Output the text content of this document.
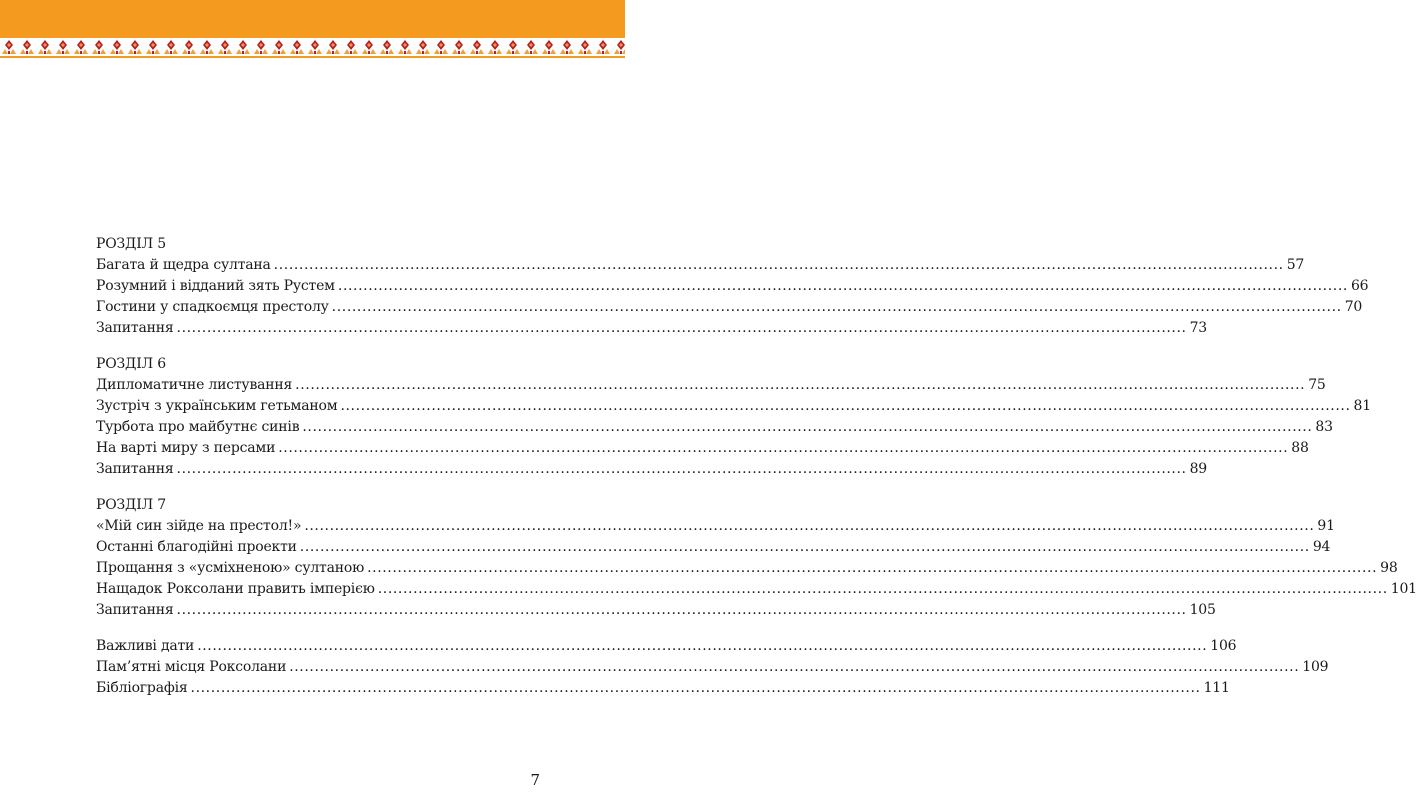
РОЗДІЛ 5
Багата й щедра султана ........................................................................................................................................................................................................ 57
Розумний і відданий зять Рустем ........................................................................................................................................................................................................ 66
Гостини у спадкоємця престолу ........................................................................................................................................................................................................ 70
Запитання ........................................................................................................................................................................................................ 73
РОЗДІЛ 6
Дипломатичне листування ........................................................................................................................................................................................................ 75
Зустріч з українським гетьманом ........................................................................................................................................................................................................ 81
Турбота про майбутнє синів ........................................................................................................................................................................................................ 83
На варті миру з персами ........................................................................................................................................................................................................ 88
Запитання ........................................................................................................................................................................................................ 89
РОЗДІЛ 7
«Мій син зійде на престол!» ........................................................................................................................................................................................................ 91
Останні благодійні проекти ........................................................................................................................................................................................................ 94
Прощання з «усміхненою» султаною ........................................................................................................................................................................................................ 98
Нащадок Роксолани править імперією ........................................................................................................................................................................................................ 101
Запитання ........................................................................................................................................................................................................ 105
Важливі дати ........................................................................................................................................................................................................ 106
Пам’ятні місця Роксолани ........................................................................................................................................................................................................ 109
Бібліографія ........................................................................................................................................................................................................ 111
7
